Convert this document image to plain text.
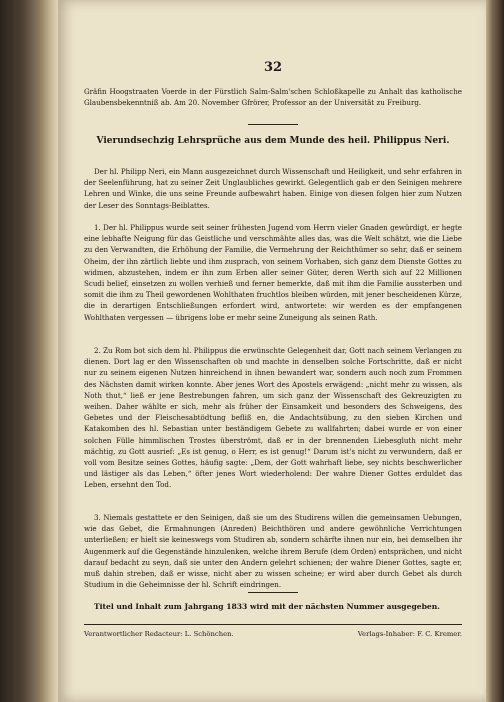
32
Gräfin Hoogstraaten Voerde in der Fürstlich Salm-Salm'schen Schloßkapelle zu Anhalt das katholische Glaubensbekenntniß ab. Am 20. November Gfrörer, Professor an der Universität zu Freiburg.
Vierundsechzig Lehrsprüche aus dem Munde des heil. Philippus Neri.
Der hl. Philipp Neri, ein Mann ausgezeichnet durch Wissenschaft und Heiligkeit, und sehr erfahren in der Seelenführung, hat zu seiner Zeit Unglaubliches gewirkt. Gelegentlich gab er den Seinigen mehrere Lehren und Winke, die uns seine Freunde aufbewahrt haben. Einige von diesen folgen hier zum Nutzen der Leser des Sonntags-Beiblattes.
1. Der hl. Philippus wurde seit seiner frühesten Jugend vom Herrn vieler Gnaden gewürdigt, er hegte eine lebhafte Neigung für das Geistliche und verschmähte alles das, was die Welt schätzt, wie die Liebe zu den Verwandten, die Erhöhung der Familie, die Vermehrung der Reichthümer so sehr, daß er seinem Oheim, der ihn zärtlich liebte und ihm zusprach, von seinem Vorhaben, sich ganz dem Dienste Gottes zu widmen, abzustehen, indem er ihn zum Erben aller seiner Güter, deren Werth sich auf 22 Millionen Scudi belief, einsetzen zu wollen verhieß und ferner bemerkte, daß mit ihm die Familie aussterben und somit die ihm zu Theil gewordenen Wohlthaten fruchtlos bleiben würden, mit jener bescheidenen Kürze, die in derartigen Entschließungen erfordert wird, antwortete: wir werden es der empfangenen Wohlthaten vergessen — übrigens lobe er mehr seine Zuneigung als seinen Rath.
2. Zu Rom bot sich dem hl. Philippus die erwünschte Gelegenheit dar, Gott nach seinem Verlangen zu dienen. Dort lag er den Wissenschaften ob und machte in denselben solche Fortschritte, daß er nicht nur zu seinem eigenen Nutzen hinreichend in ihnen bewandert war, sondern auch noch zum Frommen des Nächsten damit wirken konnte. Aber jenes Wort des Apostels erwägend: „nicht mehr zu wissen, als Noth thut,“ ließ er jene Bestrebungen fahren, um sich ganz der Wissenschaft des Gekreuzigten zu weihen. Daher wählte er sich, mehr als früher der Einsamkeit und besonders des Schweigens, des Gebetes und der Fleischesabtödtung befliß en, die Andachtsübung, zu den sieben Kirchen und Katakomben des hl. Sebastian unter beständigem Gebete zu wallfahrten; dabei wurde er von einer solchen Fülle himmlischen Trostes überströmt, daß er in der brennenden Liebesgluth nicht mehr mächtig, zu Gott ausrief: „Es ist genug, o Herr, es ist genug!“ Darum ist's nicht zu verwundern, daß er voll vom Besitze seines Gottes, häufig sagte: „Dem, der Gott wahrhaft liebe, sey nichts beschwerlicher und lästiger als das Leben,“ öfter jenes Wort wiederholend: Der wahre Diener Gottes erduldet das Leben, ersehnt den Tod.
3. Niemals gestattete er den Seinigen, daß sie um des Studirens willen die gemeinsamen Uebungen, wie das Gebet, die Ermahnungen (Anreden) Beichthören und andere gewöhnliche Verrichtungen unterließen; er hielt sie keineswegs vom Studiren ab, sondern schärfte ihnen nur ein, bei demselben ihr Augenmerk auf die Gegenstände hinzulenken, welche ihrem Berufe (dem Orden) entsprächen, und nicht darauf bedacht zu seyn, daß sie unter den Andern gelehrt schienen; der wahre Diener Gottes, sagte er, muß dahin streben, daß er wisse, nicht aber zu wissen scheine; er wird aber durch Gebet als durch Studium in die Geheimnisse der hl. Schrift eindringen.
Titel und Inhalt zum Jahrgang 1833 wird mit der nächsten Nummer ausgegeben.
Verantwortlicher Redacteur: L. Schönchen.	Verlags-Inhaber: F. C. Kremer.
